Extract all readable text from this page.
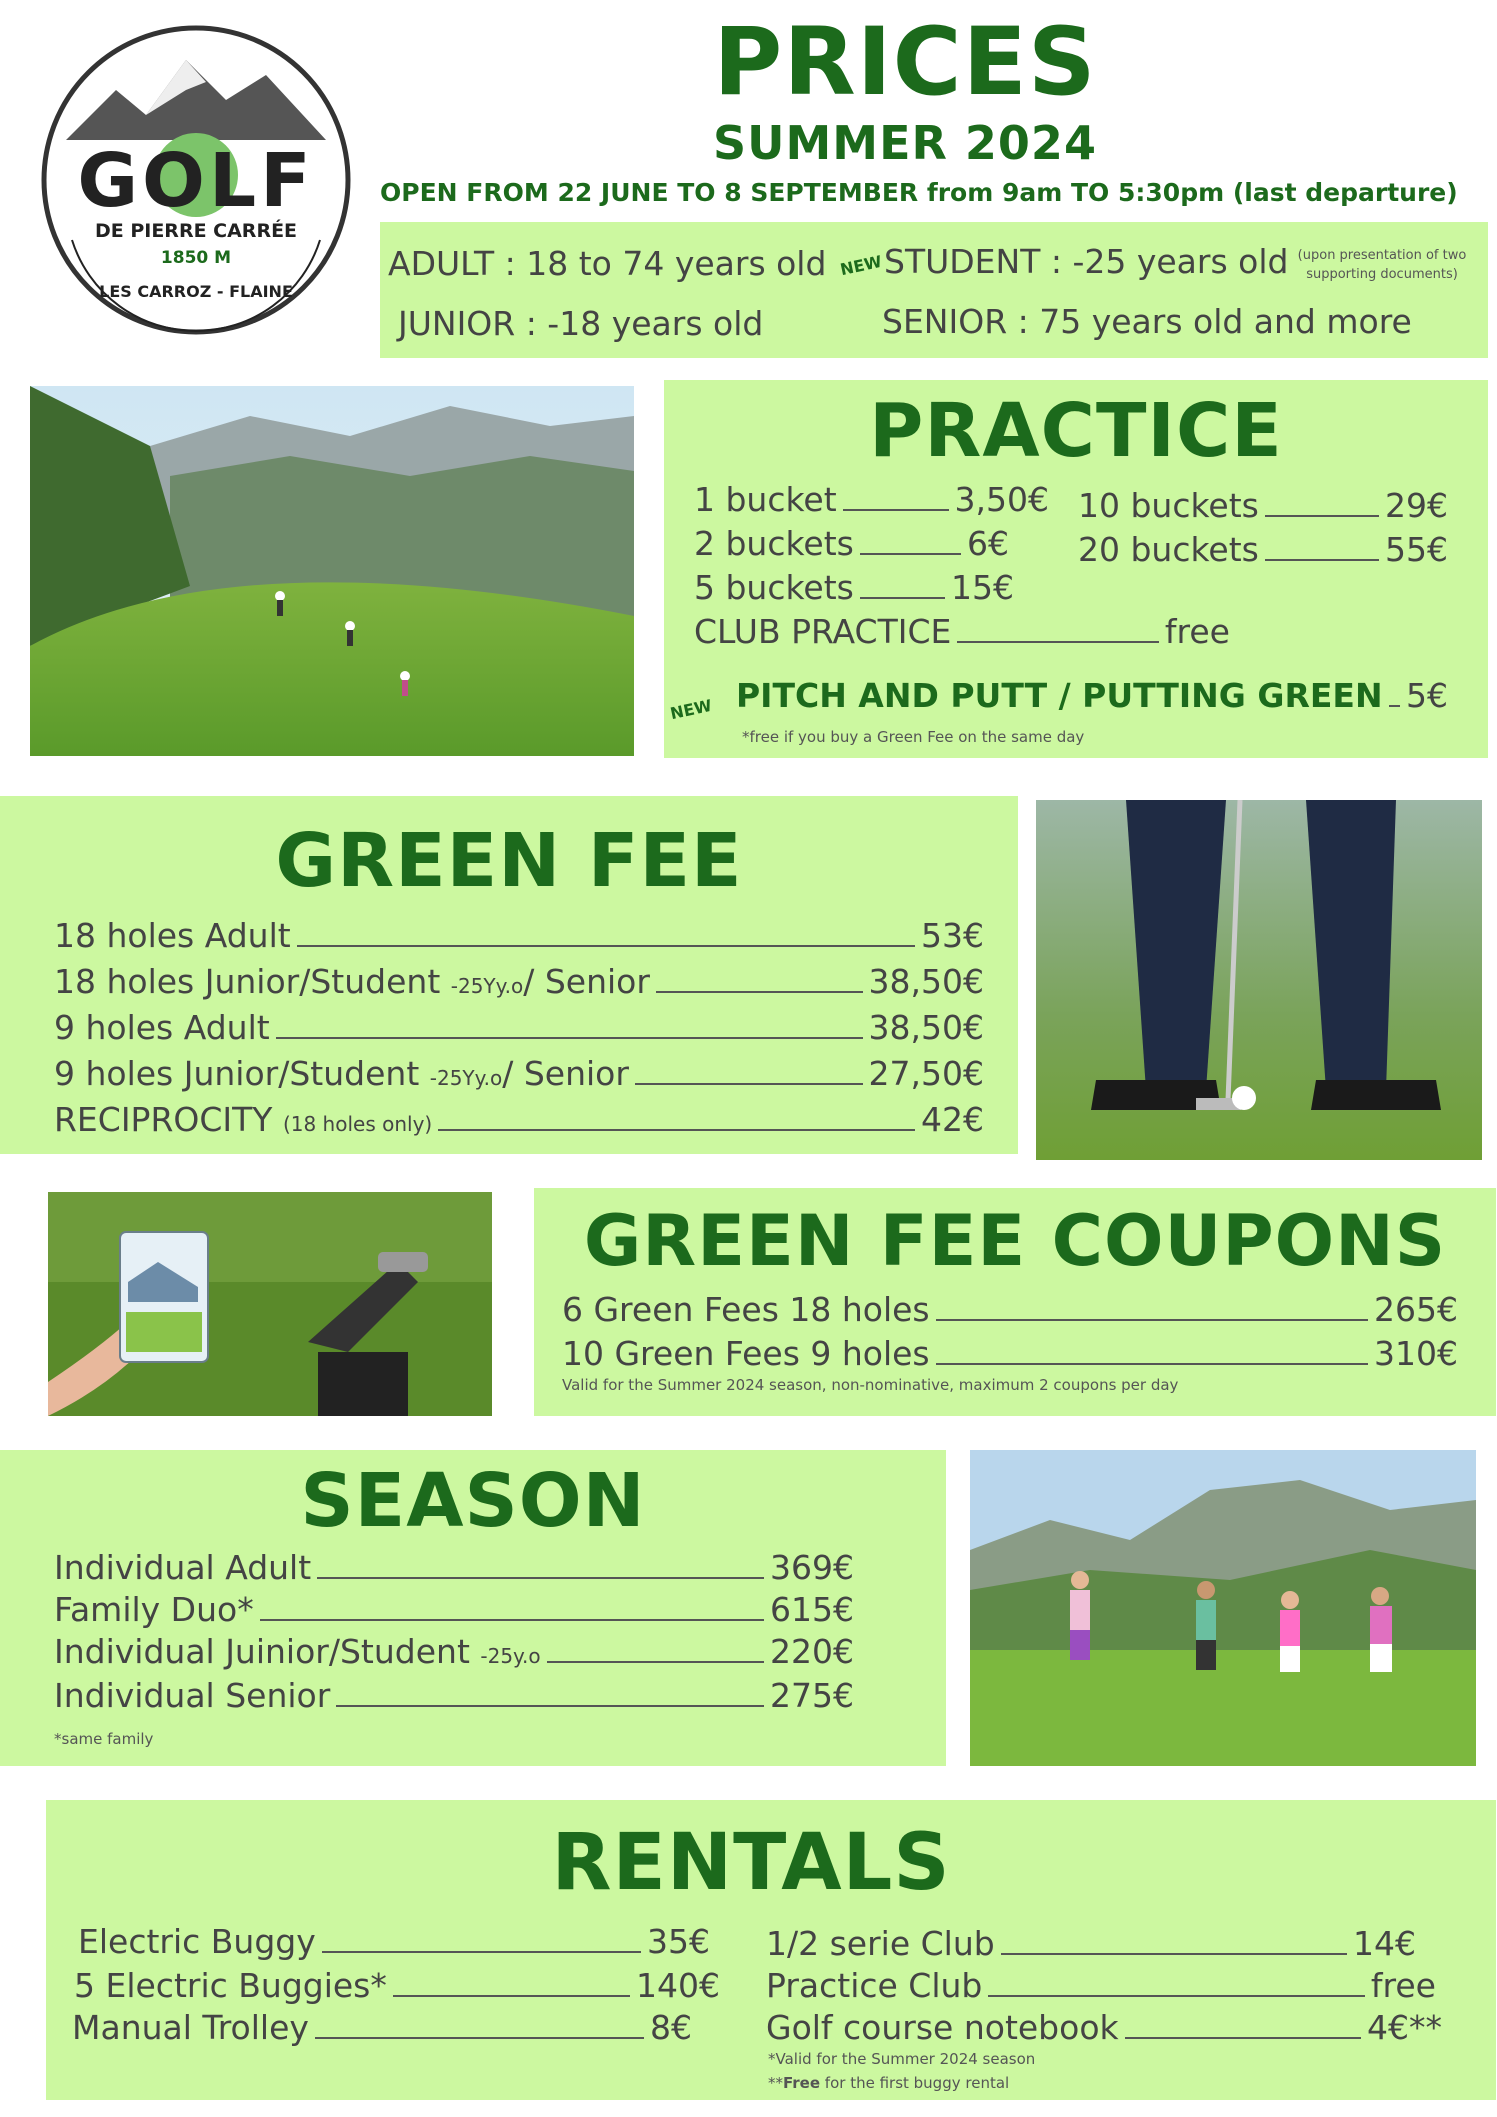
GOLF
DE PIERRE CARRÉE
1850 M
LES CARROZ - FLAINE
PRICES
SUMMER 2024
OPEN FROM 22 JUNE TO 8 SEPTEMBER from 9am TO 5:30pm (last departure)
ADULT : 18 to 74 years old
JUNIOR : -18 years old
NEW STUDENT : -25 years old (upon presentation of two supporting documents)
SENIOR : 75 years old and more
PRACTICE
1 bucket	3,50€
2 buckets	6€
5 buckets	15€
10 buckets	29€
20 buckets	55€
CLUB PRACTICE	free
NEW PITCH AND PUTT / PUTTING GREEN 5€
*free if you buy a Green Fee on the same day
GREEN FEE
18 holes Adult	53€
18 holes Junior/Student -25Yy.o/ Senior	38,50€
9 holes Adult	38,50€
9 holes Junior/Student -25Yy.o/ Senior	27,50€
RECIPROCITY (18 holes only)	42€
GREEN FEE COUPONS
6 Green Fees 18 holes	265€
10 Green Fees 9 holes	310€
Valid for the Summer 2024 season, non-nominative, maximum 2 coupons per day
SEASON
Individual Adult	369€
Family Duo*	615€
Individual Juinior/Student -25y.o	220€
Individual Senior	275€
*same family
RENTALS
Electric Buggy	35€
5 Electric Buggies*	140€
Manual Trolley	8€
1/2 serie Club	14€
Practice Club	free
Golf course notebook	4€**
*Valid for the Summer 2024 season
**Free for the first buggy rental
